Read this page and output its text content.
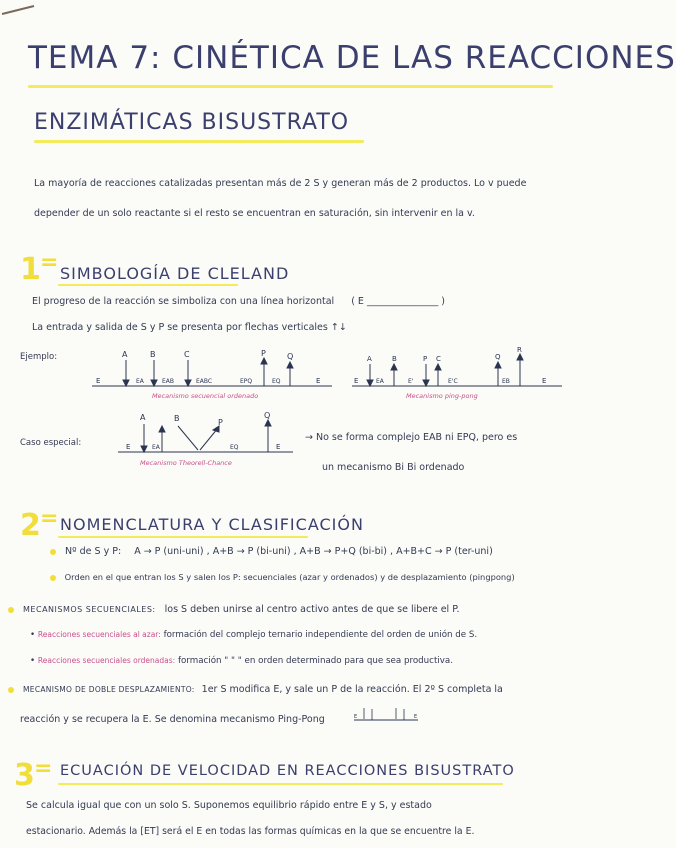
TEMA 7: CINÉTICA DE LAS REACCIONES
ENZIMÁTICAS BISUSTRATO
La mayoría de reacciones catalizadas presentan más de 2 S y generan más de 2 productos. Lo v puede
depender de un solo reactante si el resto se encuentran en saturación, sin intervenir en la v.
1 = SIMBOLOGÍA DE CLELAND
El progreso de la reacción se simboliza con una línea horizontal ( E _______________ )
La entrada y salida de S y P se presenta por flechas verticales ↑↓
Ejemplo:	A	B	C	P	Q
E	EA	EAB	EABC	EPQ	EQ	E
Mecanismo secuencial ordenado
A	B	P C	Q
R
E	EA	E'	E'C	EB	E
Mecanismo ping-pong
Caso especial:
A	B	P
Q
E	EA	EQ	E
Mecanismo Theorell-Chance
→ No se forma complejo EAB ni EPQ, pero es
un mecanismo Bi Bi ordenado
2 = NOMENCLATURA Y CLASIFICACIÓN
Nº de S y P: A → P (uni-uni) , A+B → P (bi-uni) , A+B → P+Q (bi-bi) , A+B+C → P (ter-uni)
Orden en el que entran los S y salen los P: secuenciales (azar y ordenados) y de desplazamiento (pingpong)
MECANISMOS SECUENCIALES: los S deben unirse al centro activo antes de que se libere el P.
• Reacciones secuenciales al azar: formación del complejo ternario independiente del orden de unión de S.
• Reacciones secuenciales ordenadas: formación " " " en orden determinado para que sea productiva.
MECANISMO DE DOBLE DESPLAZAMIENTO: 1er S modifica E, y sale un P de la reacción. El 2º S completa la
reacción y se recupera la E. Se denomina mecanismo Ping-Pong	E	E
3 = ECUACIÓN DE VELOCIDAD EN REACCIONES BISUSTRATO
Se calcula igual que con un solo S. Suponemos equilibrio rápido entre E y S, y estado
estacionario. Además la [ET] será el E en todas las formas químicas en la que se encuentre la E.
